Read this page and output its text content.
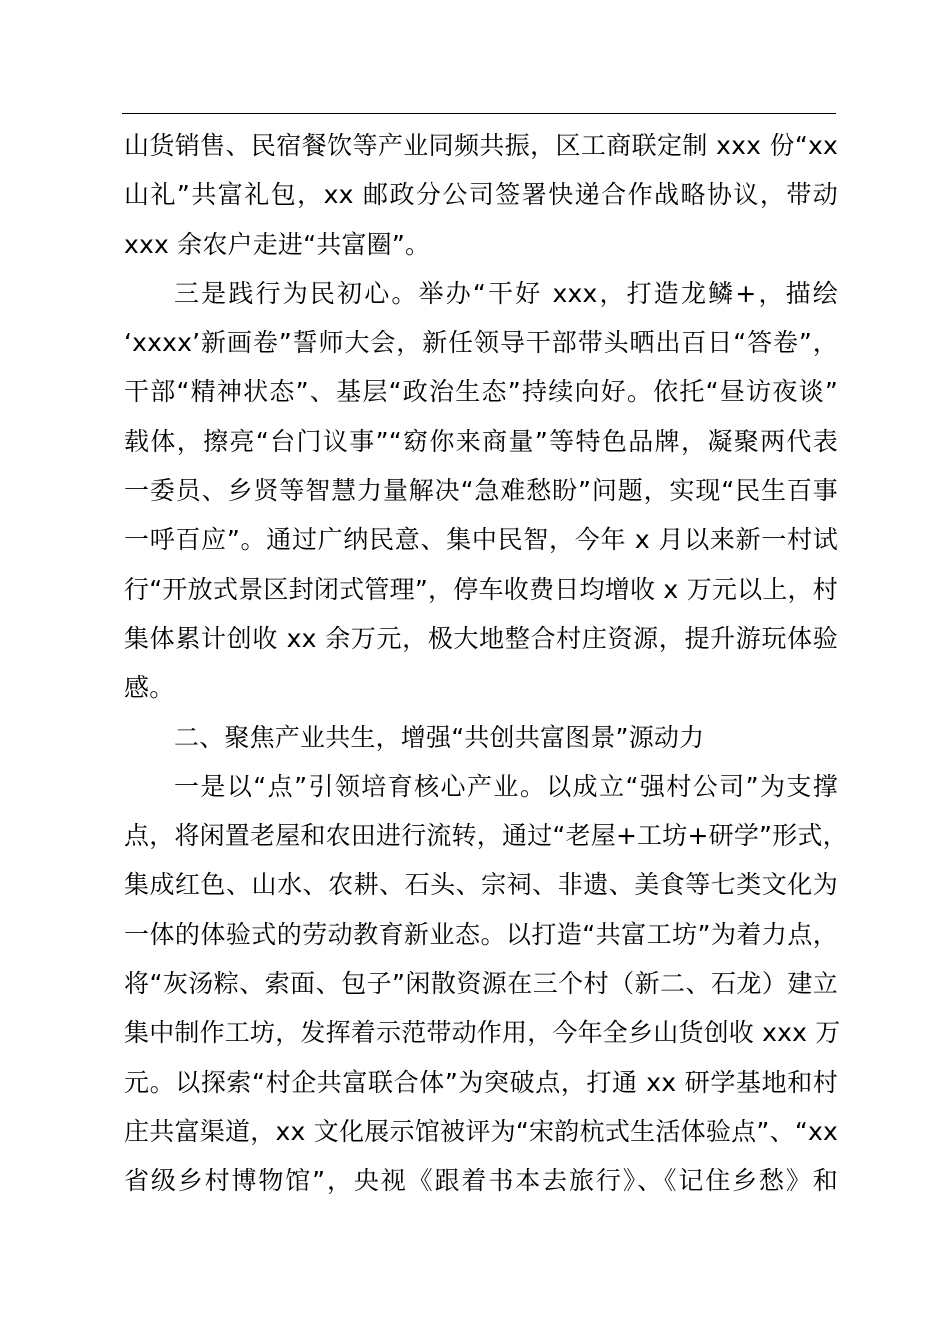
山货销售、民宿餐饮等产业同频共振，区工商联定制 xxx 份“xx
山礼”共富礼包，xx 邮政分公司签署快递合作战略协议，带动
xxx 余农户走进“共富圈”。
三是践行为民初心。举办“干好 xxx，打造龙鳞+，描绘
‘xxxx’新画卷”誓师大会，新任领导干部带头晒出百日“答卷”，
干部“精神状态”、基层“政治生态”持续向好。依托“昼访夜谈”
载体，擦亮“台门议事”“窈你来商量”等特色品牌，凝聚两代表
一委员、乡贤等智慧力量解决“急难愁盼”问题，实现“民生百事
一呼百应”。通过广纳民意、集中民智，今年 x 月以来新一村试
行“开放式景区封闭式管理”，停车收费日均增收 x 万元以上，村
集体累计创收 xx 余万元，极大地整合村庄资源，提升游玩体验
感。
二、聚焦产业共生，增强“共创共富图景”源动力
一是以“点”引领培育核心产业。以成立“强村公司”为支撑
点，将闲置老屋和农田进行流转，通过“老屋+工坊+研学”形式，
集成红色、山水、农耕、石头、宗祠、非遗、美食等七类文化为
一体的体验式的劳动教育新业态。以打造“共富工坊”为着力点，
将“灰汤粽、索面、包子”闲散资源在三个村（新二、石龙）建立
集中制作工坊，发挥着示范带动作用，今年全乡山货创收 xxx 万
元。以探索“村企共富联合体”为突破点，打通 xx 研学基地和村
庄共富渠道，xx 文化展示馆被评为“宋韵杭式生活体验点”、“xx
省级乡村博物馆”，央视《跟着书本去旅行》、《记住乡愁》和
